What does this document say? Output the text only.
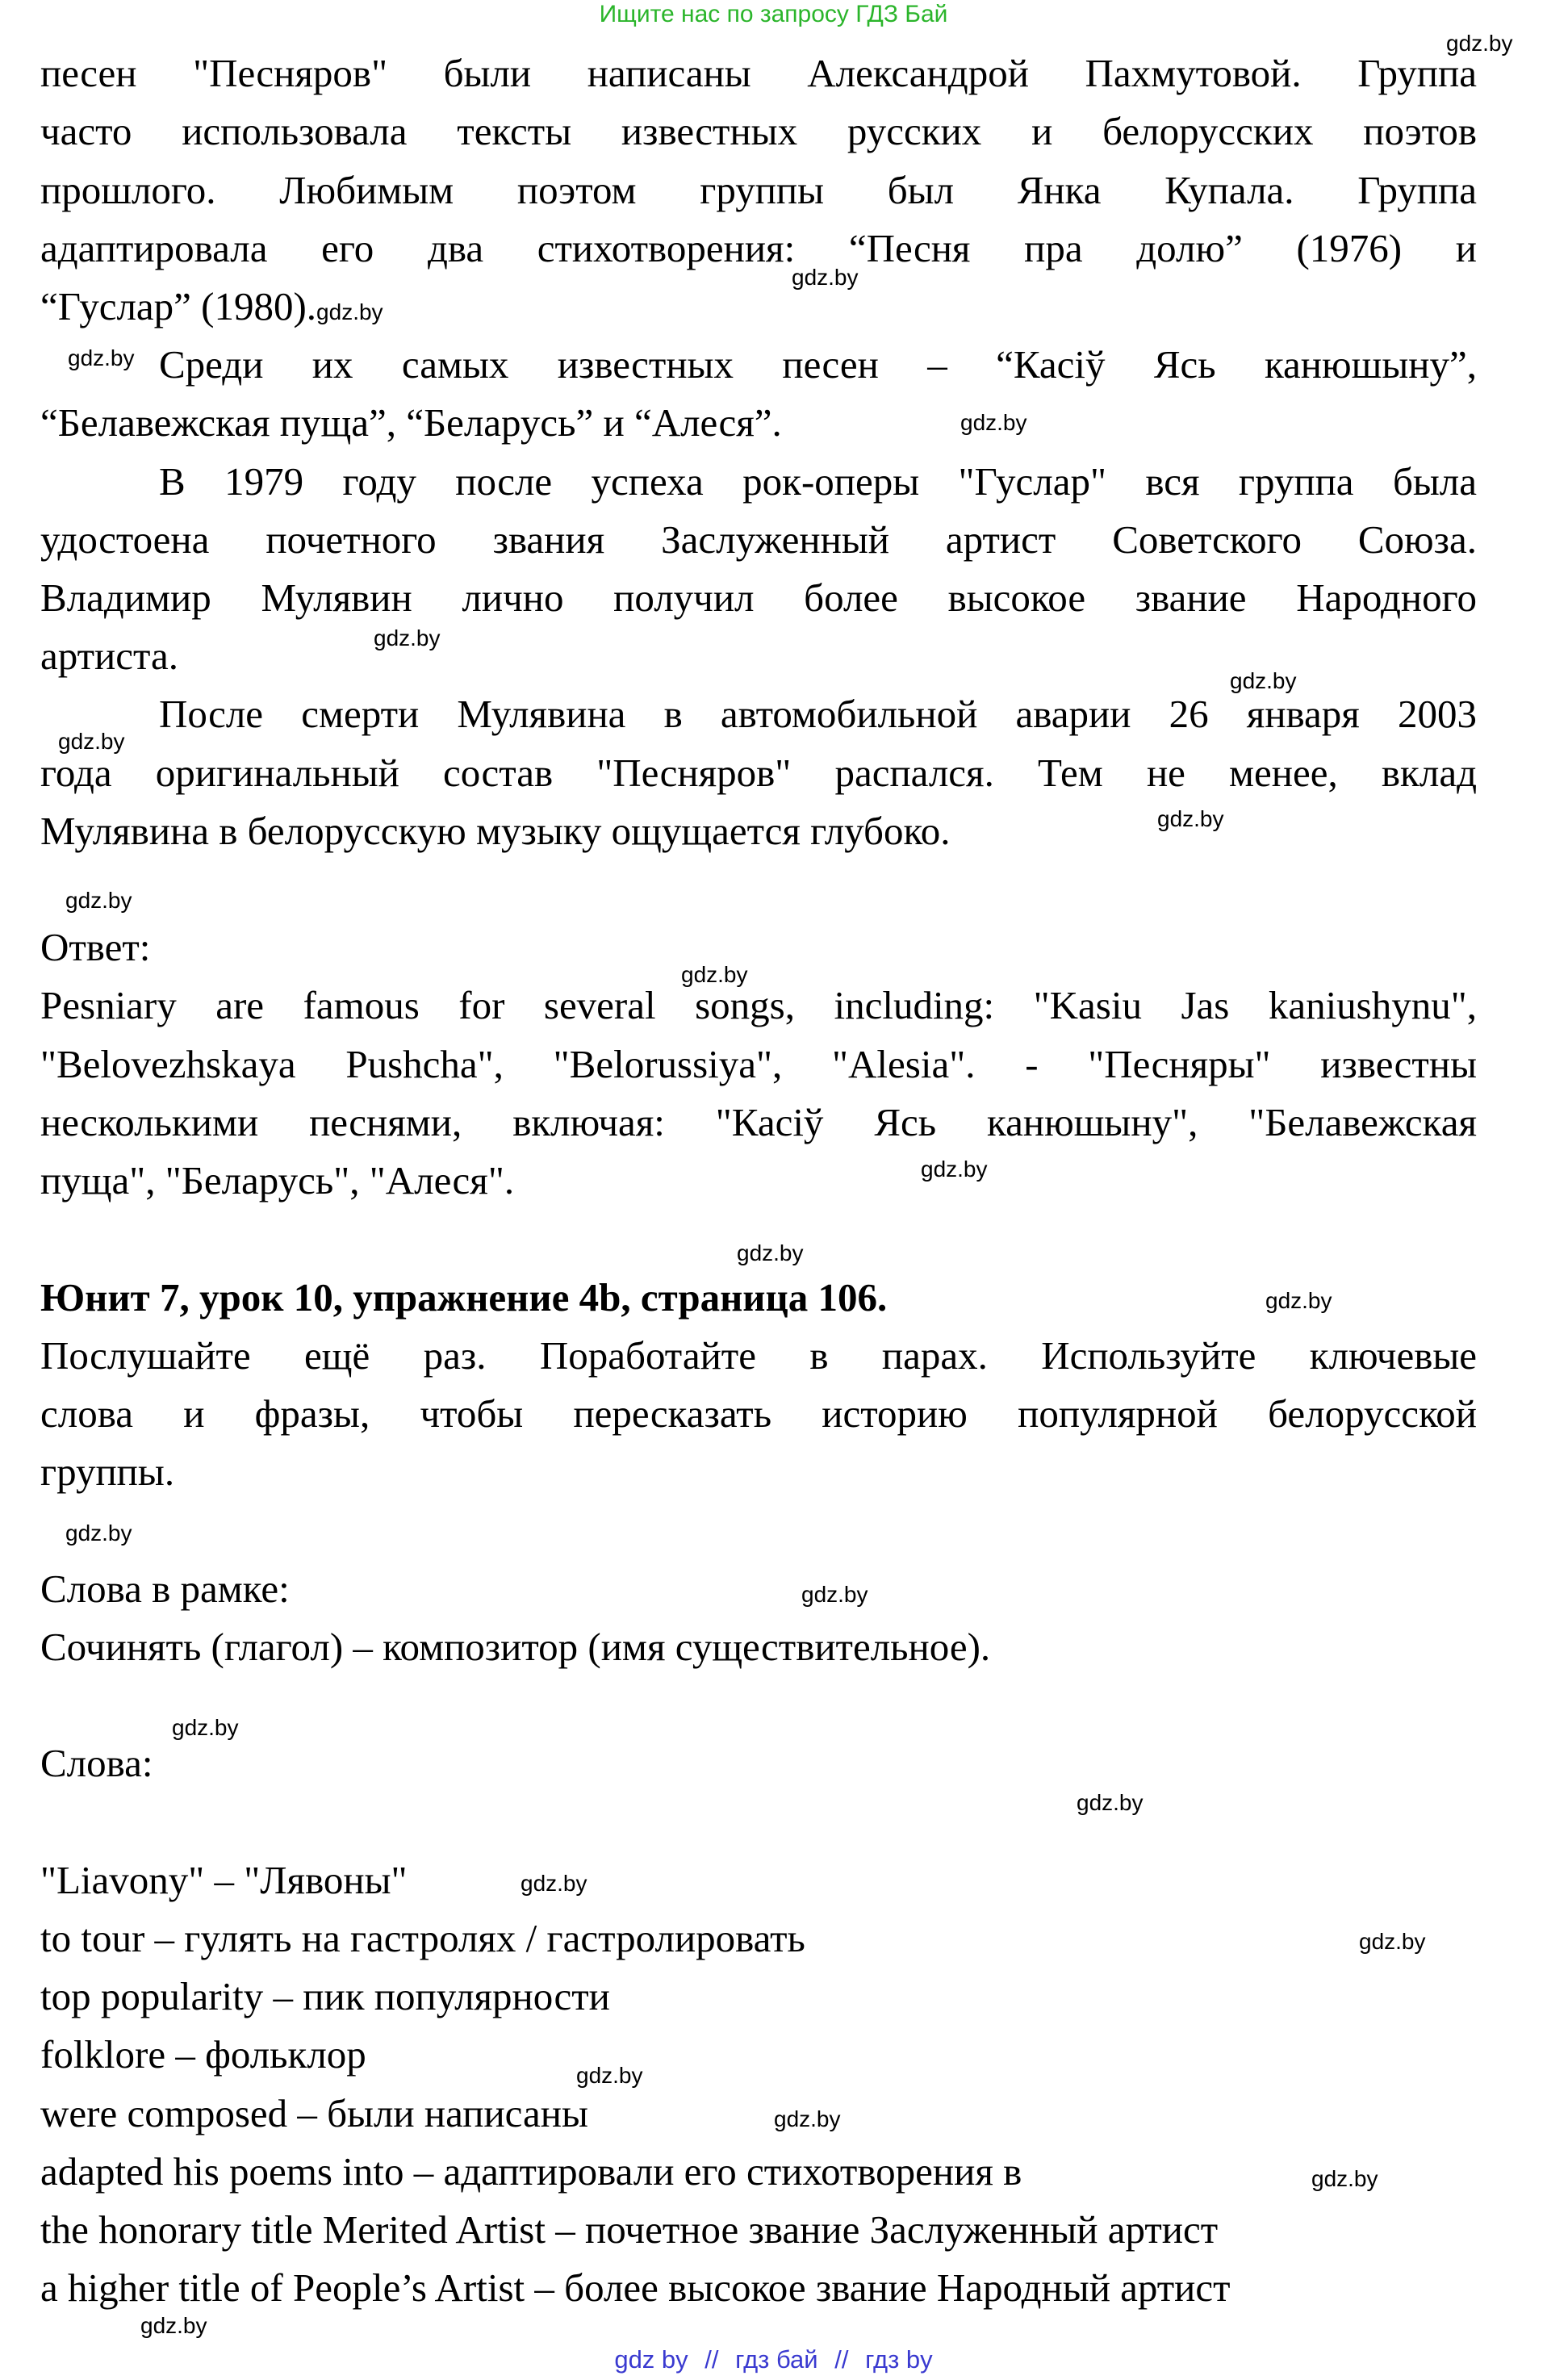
Ищите нас по запросу ГДЗ Бай
песен "Песняров" были написаны Александрой Пахмутовой. Группа
часто использовала тексты известных русских и белорусских поэтов
прошлого. Любимым поэтом группы был Янка Купала. Группа
адаптировала его два стихотворения: “Песня пра долю” (1976) и
“Гуслар” (1980).gdz.by
Среди их самых известных песен – “Касіў Ясь канюшыну”,
“Белавежская пуща”, “Беларусь” и “Алеся”.
В 1979 году после успеха рок-оперы "Гуслар" вся группа была
удостоена почетного звания Заслуженный артист Советского Союза.
Владимир Мулявин лично получил более высокое звание Народного
артиста.
После смерти Мулявина в автомобильной аварии 26 января 2003
года оригинальный состав "Песняров" распался. Тем не менее, вклад
Мулявина в белорусскую музыку ощущается глубоко.
Ответ:
Pesniary are famous for several songs, including: "Kasiu Jas kaniushynu",
"Belovezhskaya Pushcha", "Belorussiya", "Alesia". - "Песняры" известны
несколькими песнями, включая: "Касіў Ясь канюшыну", "Белавежская
пуща", "Беларусь", "Алеся".
Юнит 7, урок 10, упражнение 4b, страница 106.
Послушайте ещё раз. Поработайте в парах. Используйте ключевые
слова и фразы, чтобы пересказать историю популярной белорусской
группы.
Слова в рамке:
Сочинять (глагол) – композитор (имя существительное).
Слова:
"Liavony" – "Лявоны"
to tour – гулять на гастролях / гастролировать
top popularity – пик популярности
folklore – фольклор
were composed – были написаны
adapted his poems into – адаптировали его стихотворения в
the honorary title Merited Artist – почетное звание Заслуженный артист
a higher title of People’s Artist – более высокое звание Народный артист
gdz.by
gdz.by
gdz.by
gdz.by
gdz.by
gdz.by
gdz.by
gdz.by
gdz.by
gdz.by
gdz.by
gdz.by
gdz.by
gdz.by
gdz.by
gdz.by
gdz.by
gdz.by
gdz.by
gdz.by
gdz.by
gdz.by
gdz.by
gdz by // гдз бай // гдз by
